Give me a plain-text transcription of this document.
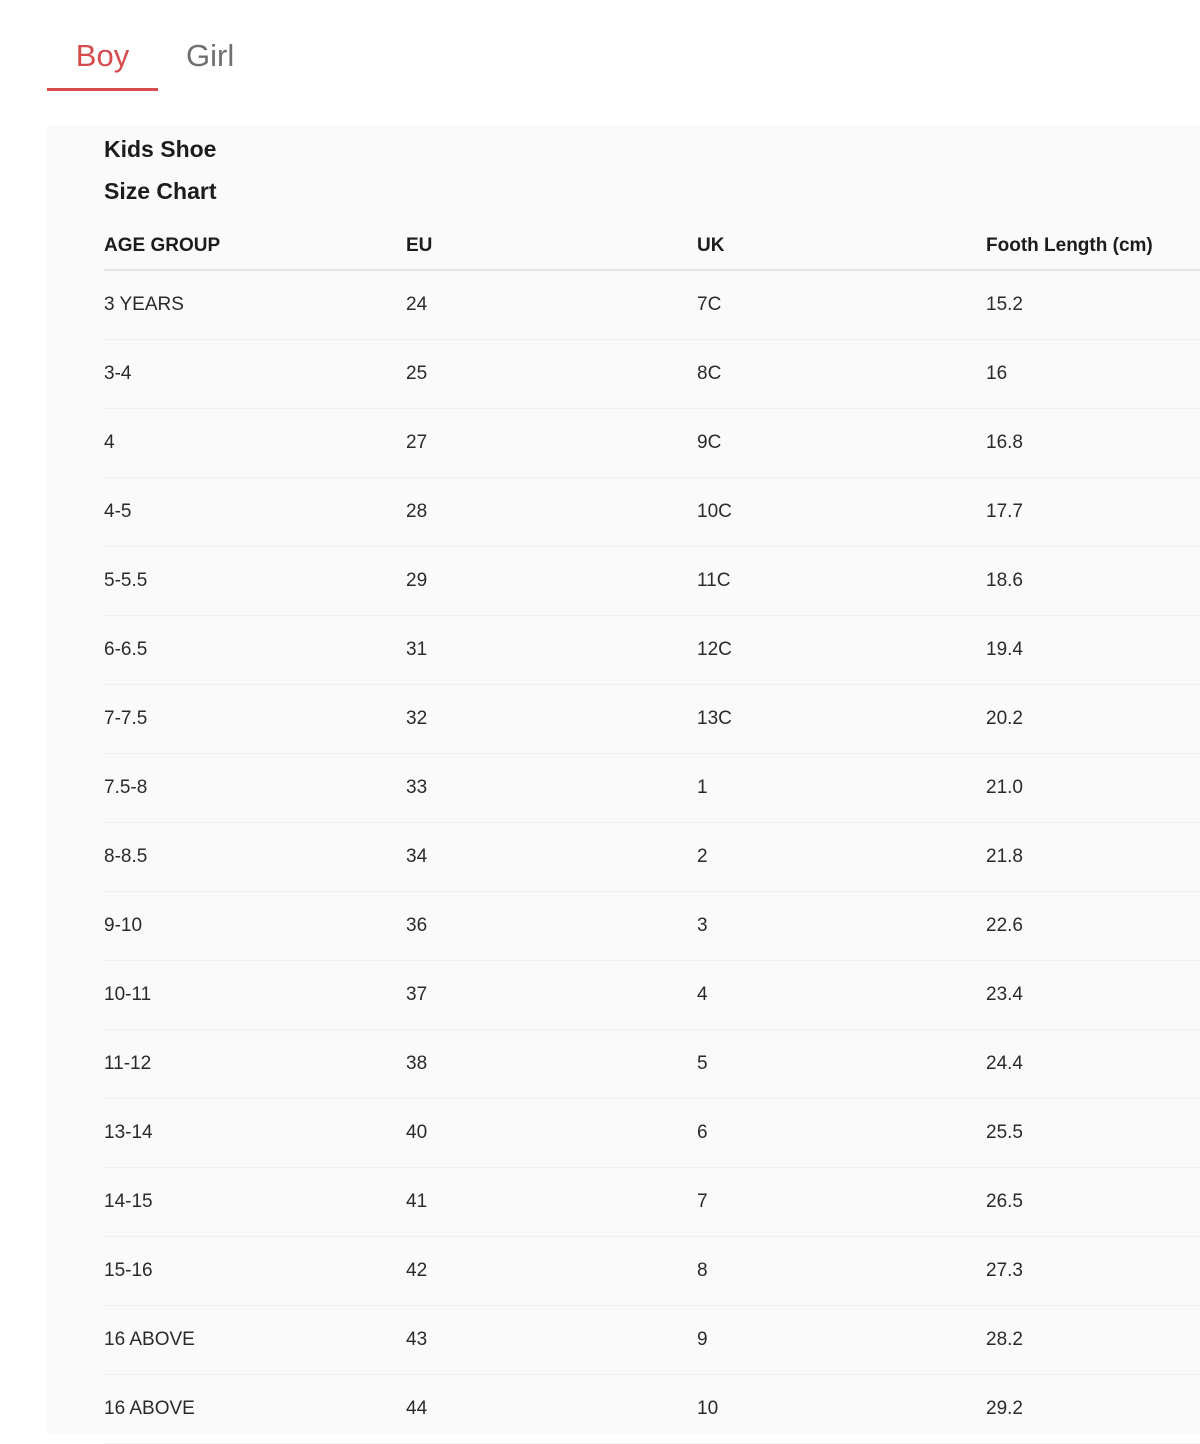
Boy	Girl
Kids Shoe
Size Chart
AGE GROUP	EU	UK	Footh Length (cm)
3 YEARS	24	7C	15.2
3-4	25	8C	16
4	27	9C	16.8
4-5	28	10C	17.7
5-5.5	29	11C	18.6
6-6.5	31	12C	19.4
7-7.5	32	13C	20.2
7.5-8	33	1	21.0
8-8.5	34	2	21.8
9-10	36	3	22.6
10-11	37	4	23.4
11-12	38	5	24.4
13-14	40	6	25.5
14-15	41	7	26.5
15-16	42	8	27.3
16 ABOVE	43	9	28.2
16 ABOVE	44	10	29.2
